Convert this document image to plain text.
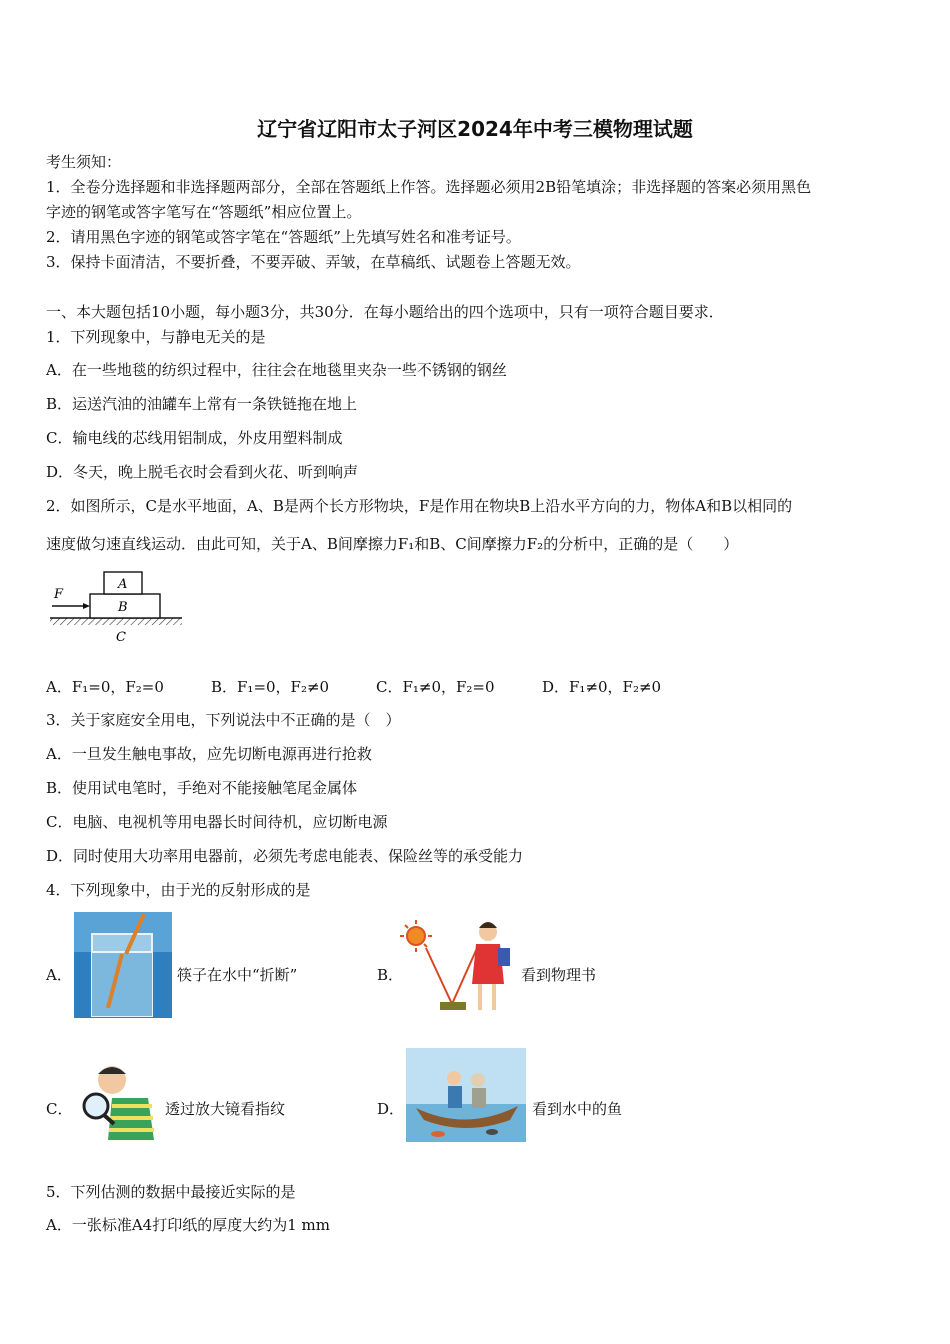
辽宁省辽阳市太子河区2024年中考三模物理试题
考生须知：
1．全卷分选择题和非选择题两部分，全部在答题纸上作答。选择题必须用2B铅笔填涂；非选择题的答案必须用黑色
字迹的钢笔或答字笔写在“答题纸”相应位置上。
2．请用黑色字迹的钢笔或答字笔在“答题纸”上先填写姓名和准考证号。
3．保持卡面清洁，不要折叠，不要弄破、弄皱，在草稿纸、试题卷上答题无效。
一、本大题包括10小题，每小题3分，共30分．在每小题给出的四个选项中，只有一项符合题目要求．
1．下列现象中，与静电无关的是
A．在一些地毯的纺织过程中，往往会在地毯里夹杂一些不锈钢的钢丝
B．运送汽油的油罐车上常有一条铁链拖在地上
C．输电线的芯线用铝制成，外皮用塑料制成
D．冬天，晚上脱毛衣时会看到火花、听到响声
2．如图所示，C是水平地面，A、B是两个长方形物块，F是作用在物块B上沿水平方向的力，物体A和B以相同的
速度做匀速直线运动．由此可知，关于A、B间摩擦力F₁和B、C间摩擦力F₂的分析中，正确的是（　　）
A
B
C
F
A．F₁=0，F₂=0	B．F₁=0，F₂≠0	C．F₁≠0，F₂=0	D．F₁≠0，F₂≠0
3．关于家庭安全用电，下列说法中不正确的是（　）
A．一旦发生触电事故，应先切断电源再进行抢救
B．使用试电笔时，手绝对不能接触笔尾金属体
C．电脑、电视机等用电器长时间待机，应切断电源
D．同时使用大功率用电器前，必须先考虑电能表、保险丝等的承受能力
4．下列现象中，由于光的反射形成的是
A．	筷子在水中“折断”	B．	看到物理书
C．	透过放大镜看指纹	D．	看到水中的鱼
5．下列估测的数据中最接近实际的是
A．一张标准A4打印纸的厚度大约为1 mm
